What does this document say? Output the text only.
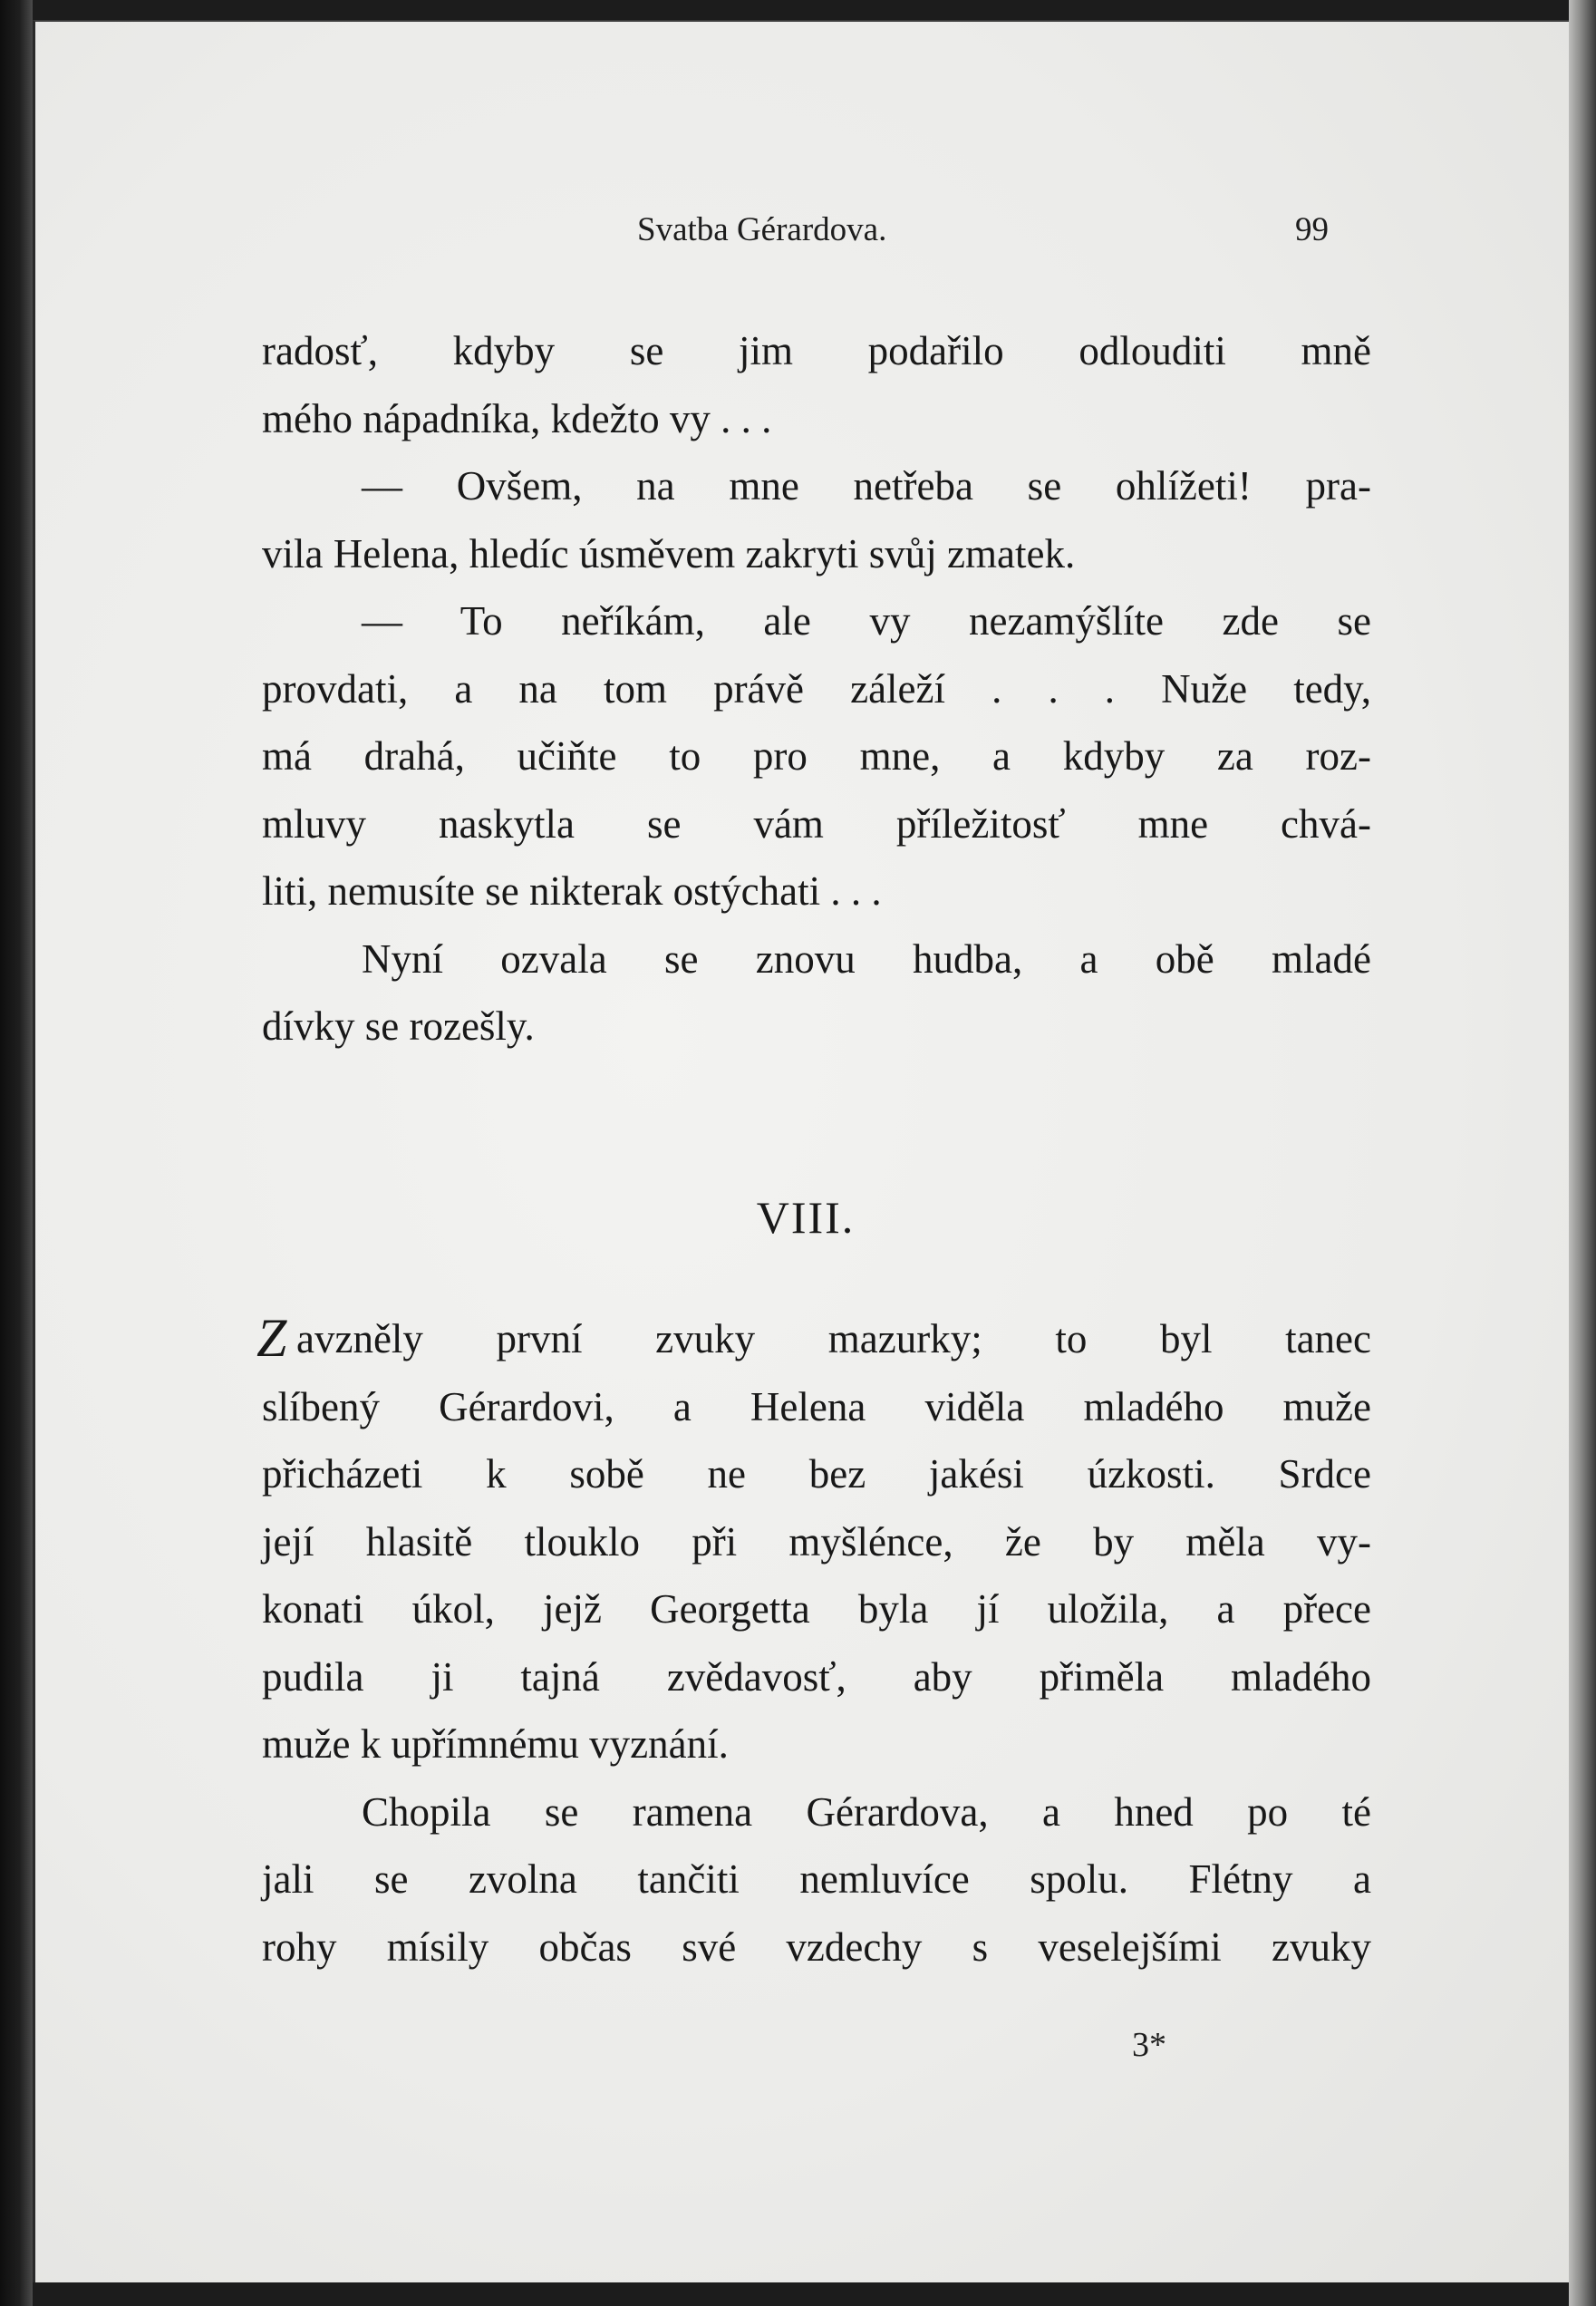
Svatba Gérardova.	99
radosť, kdyby se jim podařilo odlouditi mně
mého nápadníka, kdežto vy . . .
— Ovšem, na mne netřeba se ohlížeti! pra-
vila Helena, hledíc úsměvem zakryti svůj zmatek.
— To neříkám, ale vy nezamýšlíte zde se
provdati, a na tom právě záleží . . . Nuže tedy,
má drahá, učiňte to pro mne, a kdyby za roz-
mluvy naskytla se vám příležitosť mne chvá-
liti, nemusíte se nikterak ostýchati . . .
Nyní ozvala se znovu hudba, a obě mladé
dívky se rozešly.
VIII.
Z avzněly první zvuky mazurky; to byl tanec
slíbený Gérardovi, a Helena viděla mladého muže
přicházeti k sobě ne bez jakési úzkosti. Srdce
její hlasitě tlouklo při myšlénce, že by měla vy-
konati úkol, jejž Georgetta byla jí uložila, a přece
pudila ji tajná zvědavosť, aby přiměla mladého
muže k upřímnému vyznání.
Chopila se ramena Gérardova, a hned po té
jali se zvolna tančiti nemluvíce spolu. Flétny a
rohy mísily občas své vzdechy s veselejšími zvuky
3*
